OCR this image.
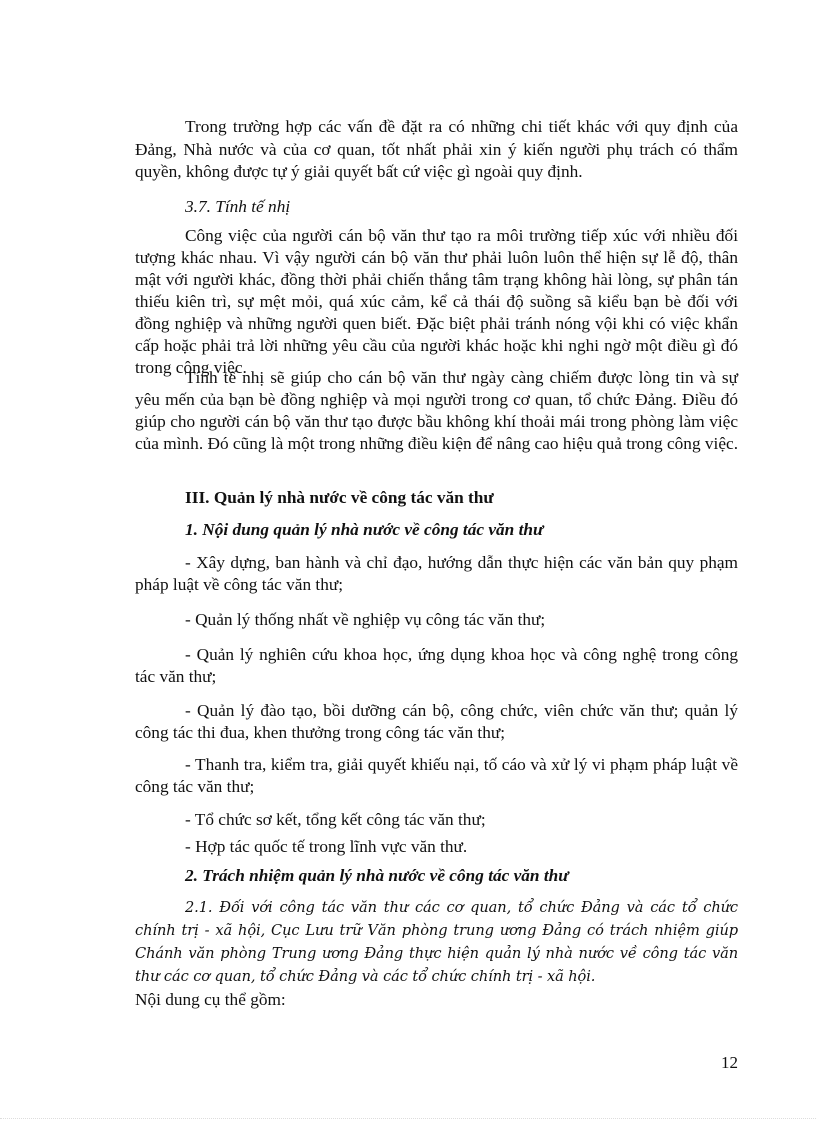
Trong trường hợp các vấn đề đặt ra có những chi tiết khác với quy định của Đảng, Nhà nước và của cơ quan, tốt nhất phải xin ý kiến người phụ trách có thẩm quyền, không được tự ý giải quyết bất cứ việc gì ngoài quy định.
3.7. Tính tế nhị
Công việc của người cán bộ văn thư tạo ra môi trường tiếp xúc với nhiều đối tượng khác nhau. Vì vậy người cán bộ văn thư phải luôn luôn thể hiện sự lễ độ, thân mật với người khác, đồng thời phải chiến thắng tâm trạng không hài lòng, sự phân tán thiếu kiên trì, sự mệt mỏi, quá xúc cảm, kể cả thái độ suồng sã kiểu bạn bè đối với đồng nghiệp và những người quen biết. Đặc biệt phải tránh nóng vội khi có việc khẩn cấp hoặc phải trả lời những yêu cầu của người khác hoặc khi nghi ngờ một điều gì đó trong công việc.
Tính tế nhị sẽ giúp cho cán bộ văn thư ngày càng chiếm được lòng tin và sự yêu mến của bạn bè đồng nghiệp và mọi người trong cơ quan, tổ chức Đảng. Điều đó giúp cho người cán bộ văn thư tạo được bầu không khí thoải mái trong phòng làm việc của mình. Đó cũng là một trong những điều kiện để nâng cao hiệu quả trong công việc.
III. Quản lý nhà nước về công tác văn thư
1. Nội dung quản lý nhà nước về công tác văn thư
- Xây dựng, ban hành và chỉ đạo, hướng dẫn thực hiện các văn bản quy phạm pháp luật về công tác văn thư;
- Quản lý thống nhất về nghiệp vụ công tác văn thư;
- Quản lý nghiên cứu khoa học, ứng dụng khoa học và công nghệ trong công tác văn thư;
- Quản lý đào tạo, bồi dưỡng cán bộ, công chức, viên chức văn thư; quản lý công tác thi đua, khen thưởng trong công tác văn thư;
- Thanh tra, kiểm tra, giải quyết khiếu nại, tố cáo và xử lý vi phạm pháp luật về công tác văn thư;
- Tổ chức sơ kết, tổng kết công tác văn thư;
- Hợp tác quốc tế trong lĩnh vực văn thư.
2. Trách nhiệm quản lý nhà nước về công tác văn thư
2.1. Đối với công tác văn thư các cơ quan, tổ chức Đảng và các tổ chức chính trị - xã hội, Cục Lưu trữ Văn phòng trung ương Đảng có trách nhiệm giúp Chánh văn phòng Trung ương Đảng thực hiện quản lý nhà nước về công tác văn thư các cơ quan, tổ chức Đảng và các tổ chức chính trị - xã hội.
Nội dung cụ thể gồm:
12
